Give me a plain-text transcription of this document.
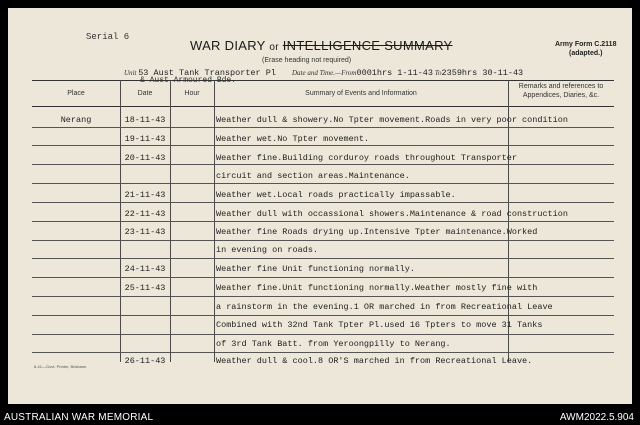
Serial 6
WAR DIARY or INTELLIGENCE SUMMARY
(Erase heading not required)
Army Form C.2118
(adapted.)
Unit 53 Aust Tank Transporter Pl Date and Time.—From0001hrs 1-11-43 To2359hrs 30-11-43
Place	Date	Hour	Summary of Events and Information
Remarks and references to Appendices, Diaries, &c.
Nerang	18-11-43	Weather dull & showery.No Tpter movement.Roads in very poor condition
19-11-43	Weather wet.No Tpter movement.
20-11-43	Weather fine.Building corduroy roads throughout Transporter
circuit and section areas.Maintenance.
21-11-43	Weather wet.Local roads practically impassable.
22-11-43	Weather dull with occassional showers.Maintenance & road construction
23-11-43	Weather fine Roads drying up.Intensive Tpter maintenance.Worked
in evening on roads.
24-11-43	Weather fine Unit functioning normally.
25-11-43	Weather fine.Unit functioning normally.Weather mostly fine with
a rainstorm in the evening.1 OR marched in from Recreational Leave
Combined with 32nd Tank Tpter Pl.used 16 Tpters to move 31 Tanks
of 3rd Tank Batt. from Yeroongpilly to Nerang.
26-11-43	Weather dull & cool.8 OR'S marched in from Recreational Leave.
6-41—Govt. Printer, Brisbane.
AUSTRALIAN WAR MEMORIAL	AWM2022.5.904
